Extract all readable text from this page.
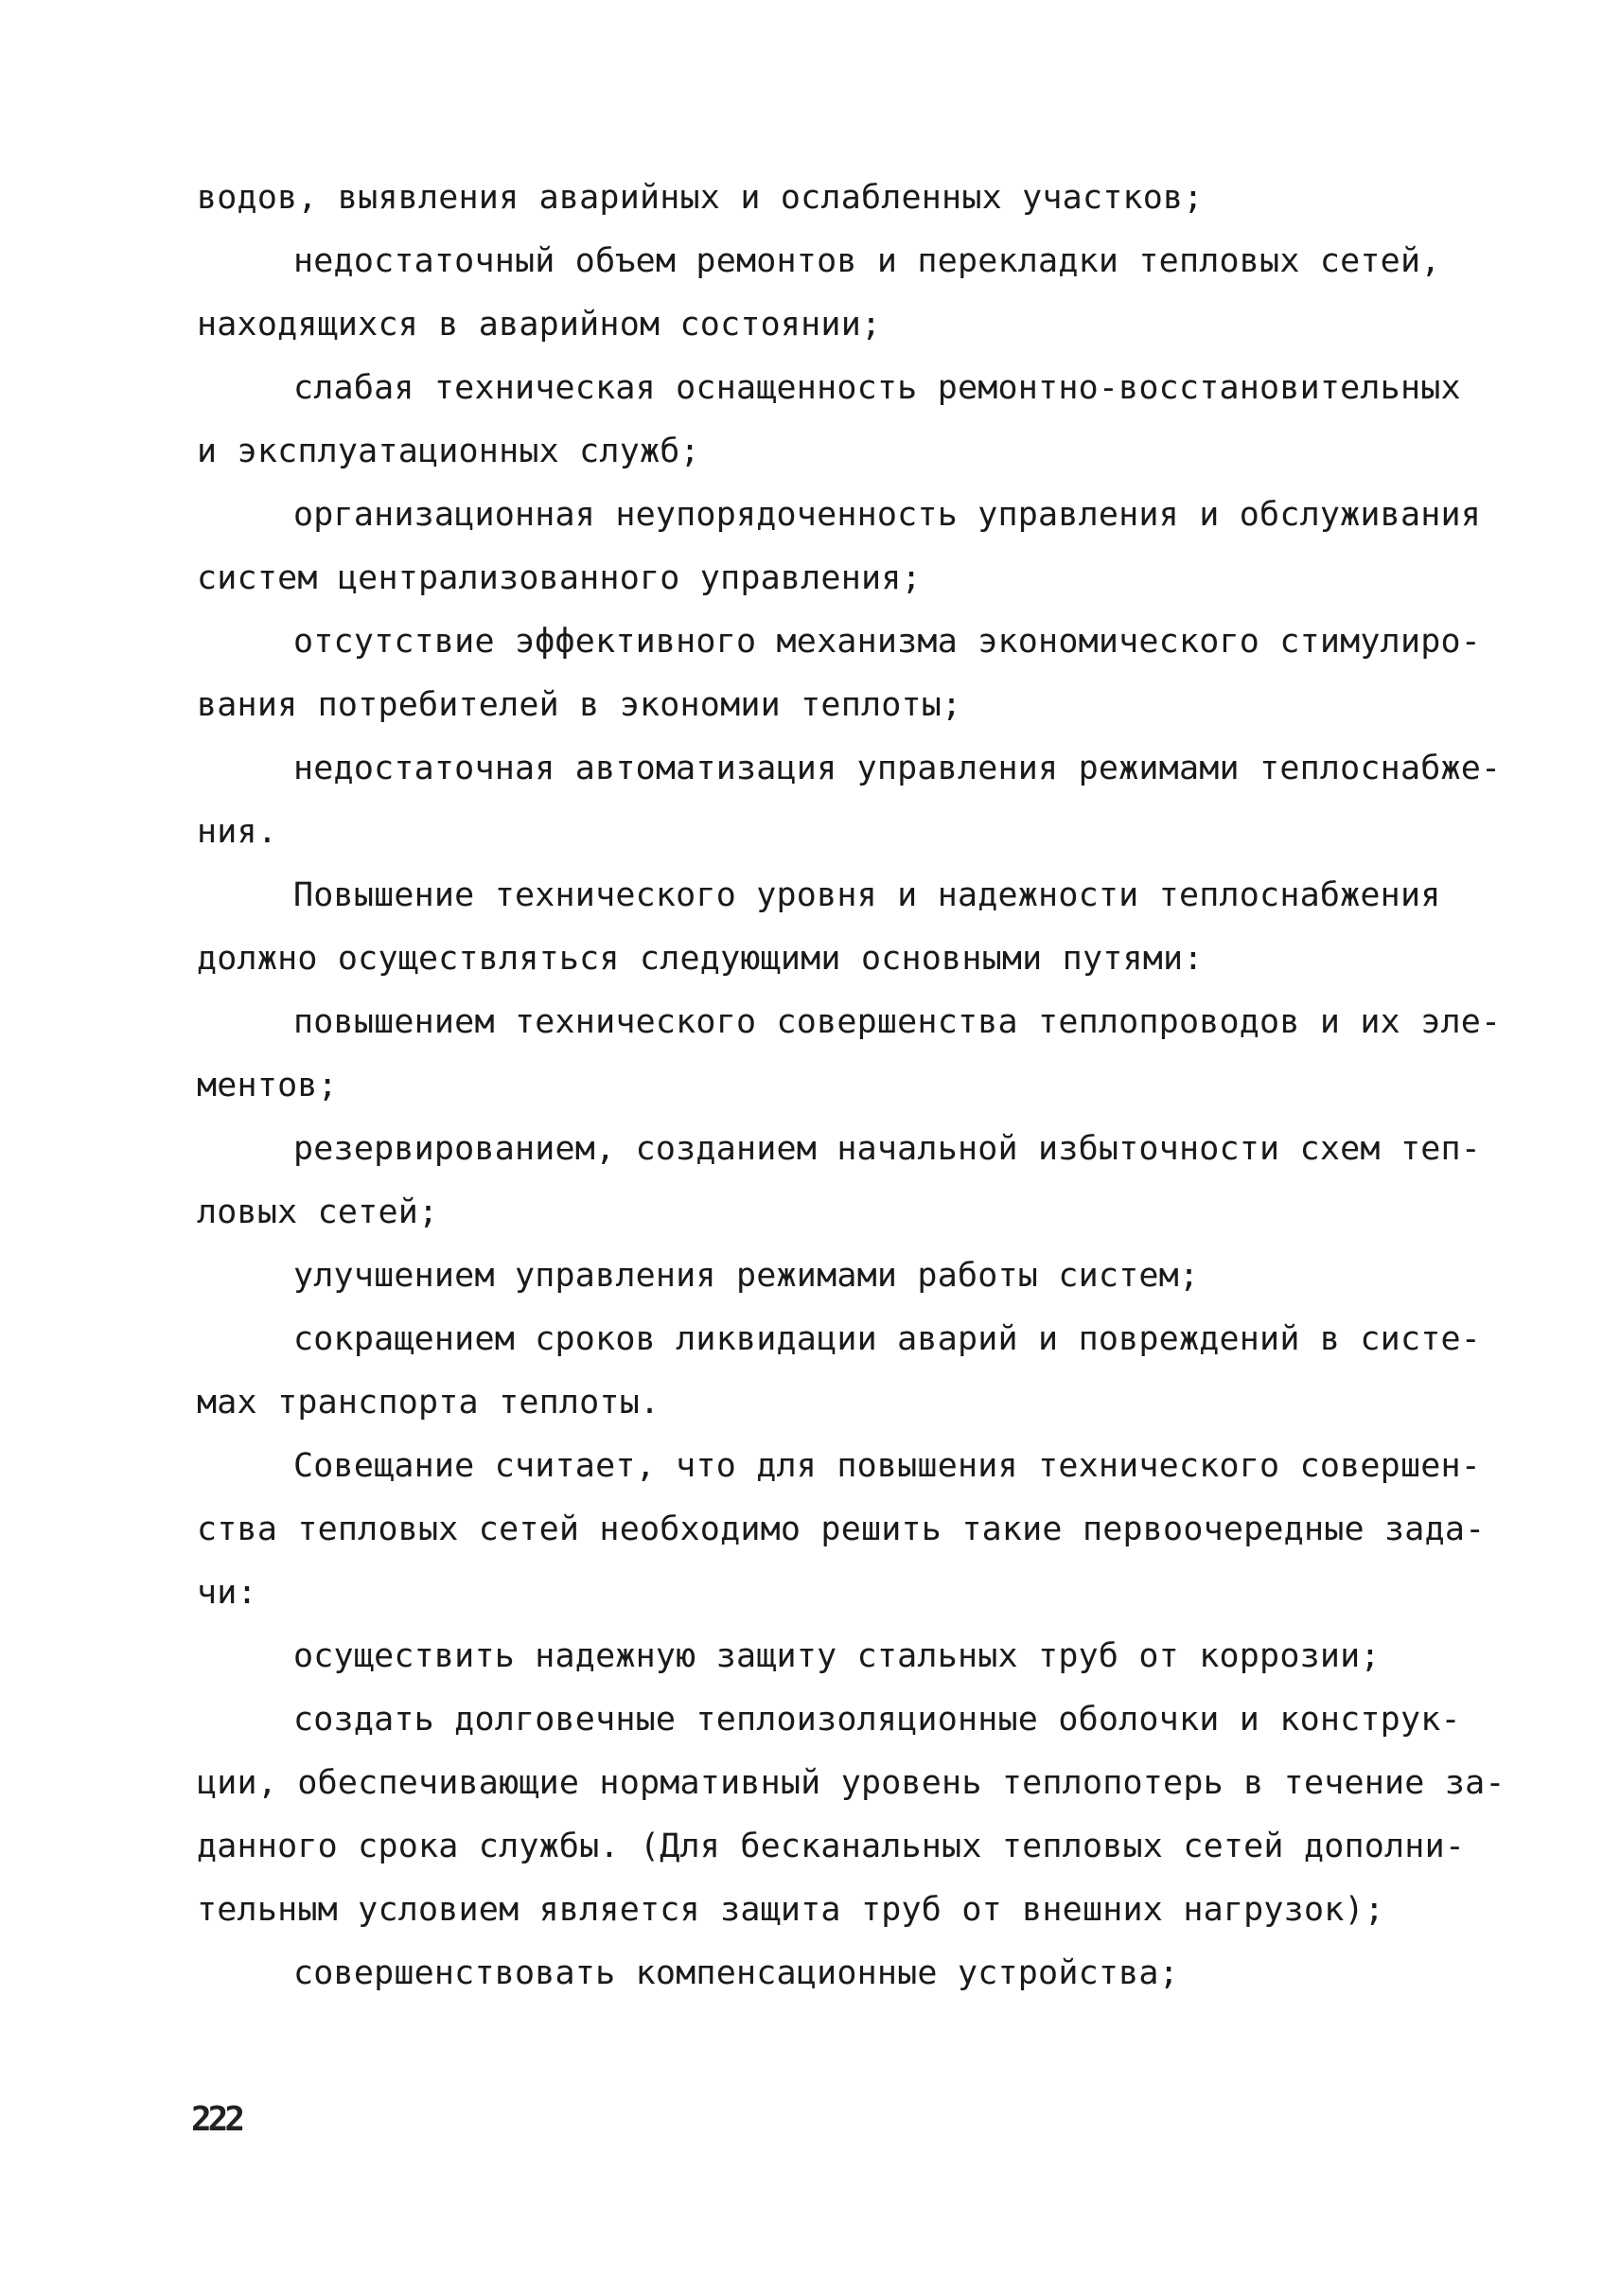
водов, выявления аварийных и ослабленных участков;
недостаточный объем ремонтов и перекладки тепловых сетей,
находящихся в аварийном состоянии;
слабая техническая оснащенность ремонтно-восстановительных
и эксплуатационных служб;
организационная неупорядоченность управления и обслуживания
систем централизованного управления;
отсутствие эффективного механизма экономического стимулиро-
вания потребителей в экономии теплоты;
недостаточная автоматизация управления режимами теплоснабже-
ния.
Повышение технического уровня и надежности теплоснабжения
должно осуществляться следующими основными путями:
повышением технического совершенства теплопроводов и их эле-
ментов;
резервированием, созданием начальной избыточности схем теп-
ловых сетей;
улучшением управления режимами работы систем;
сокращением сроков ликвидации аварий и повреждений в систе-
мах транспорта теплоты.
Совещание считает, что для повышения технического совершен-
ства тепловых сетей необходимо решить такие первоочередные зада-
чи:
осуществить надежную защиту стальных труб от коррозии;
создать долговечные теплоизоляционные оболочки и конструк-
ции, обеспечивающие нормативный уровень теплопотерь в течение за-
данного срока службы. (Для бесканальных тепловых сетей дополни-
тельным условием является защита труб от внешних нагрузок);
совершенствовать компенсационные устройства;
222
